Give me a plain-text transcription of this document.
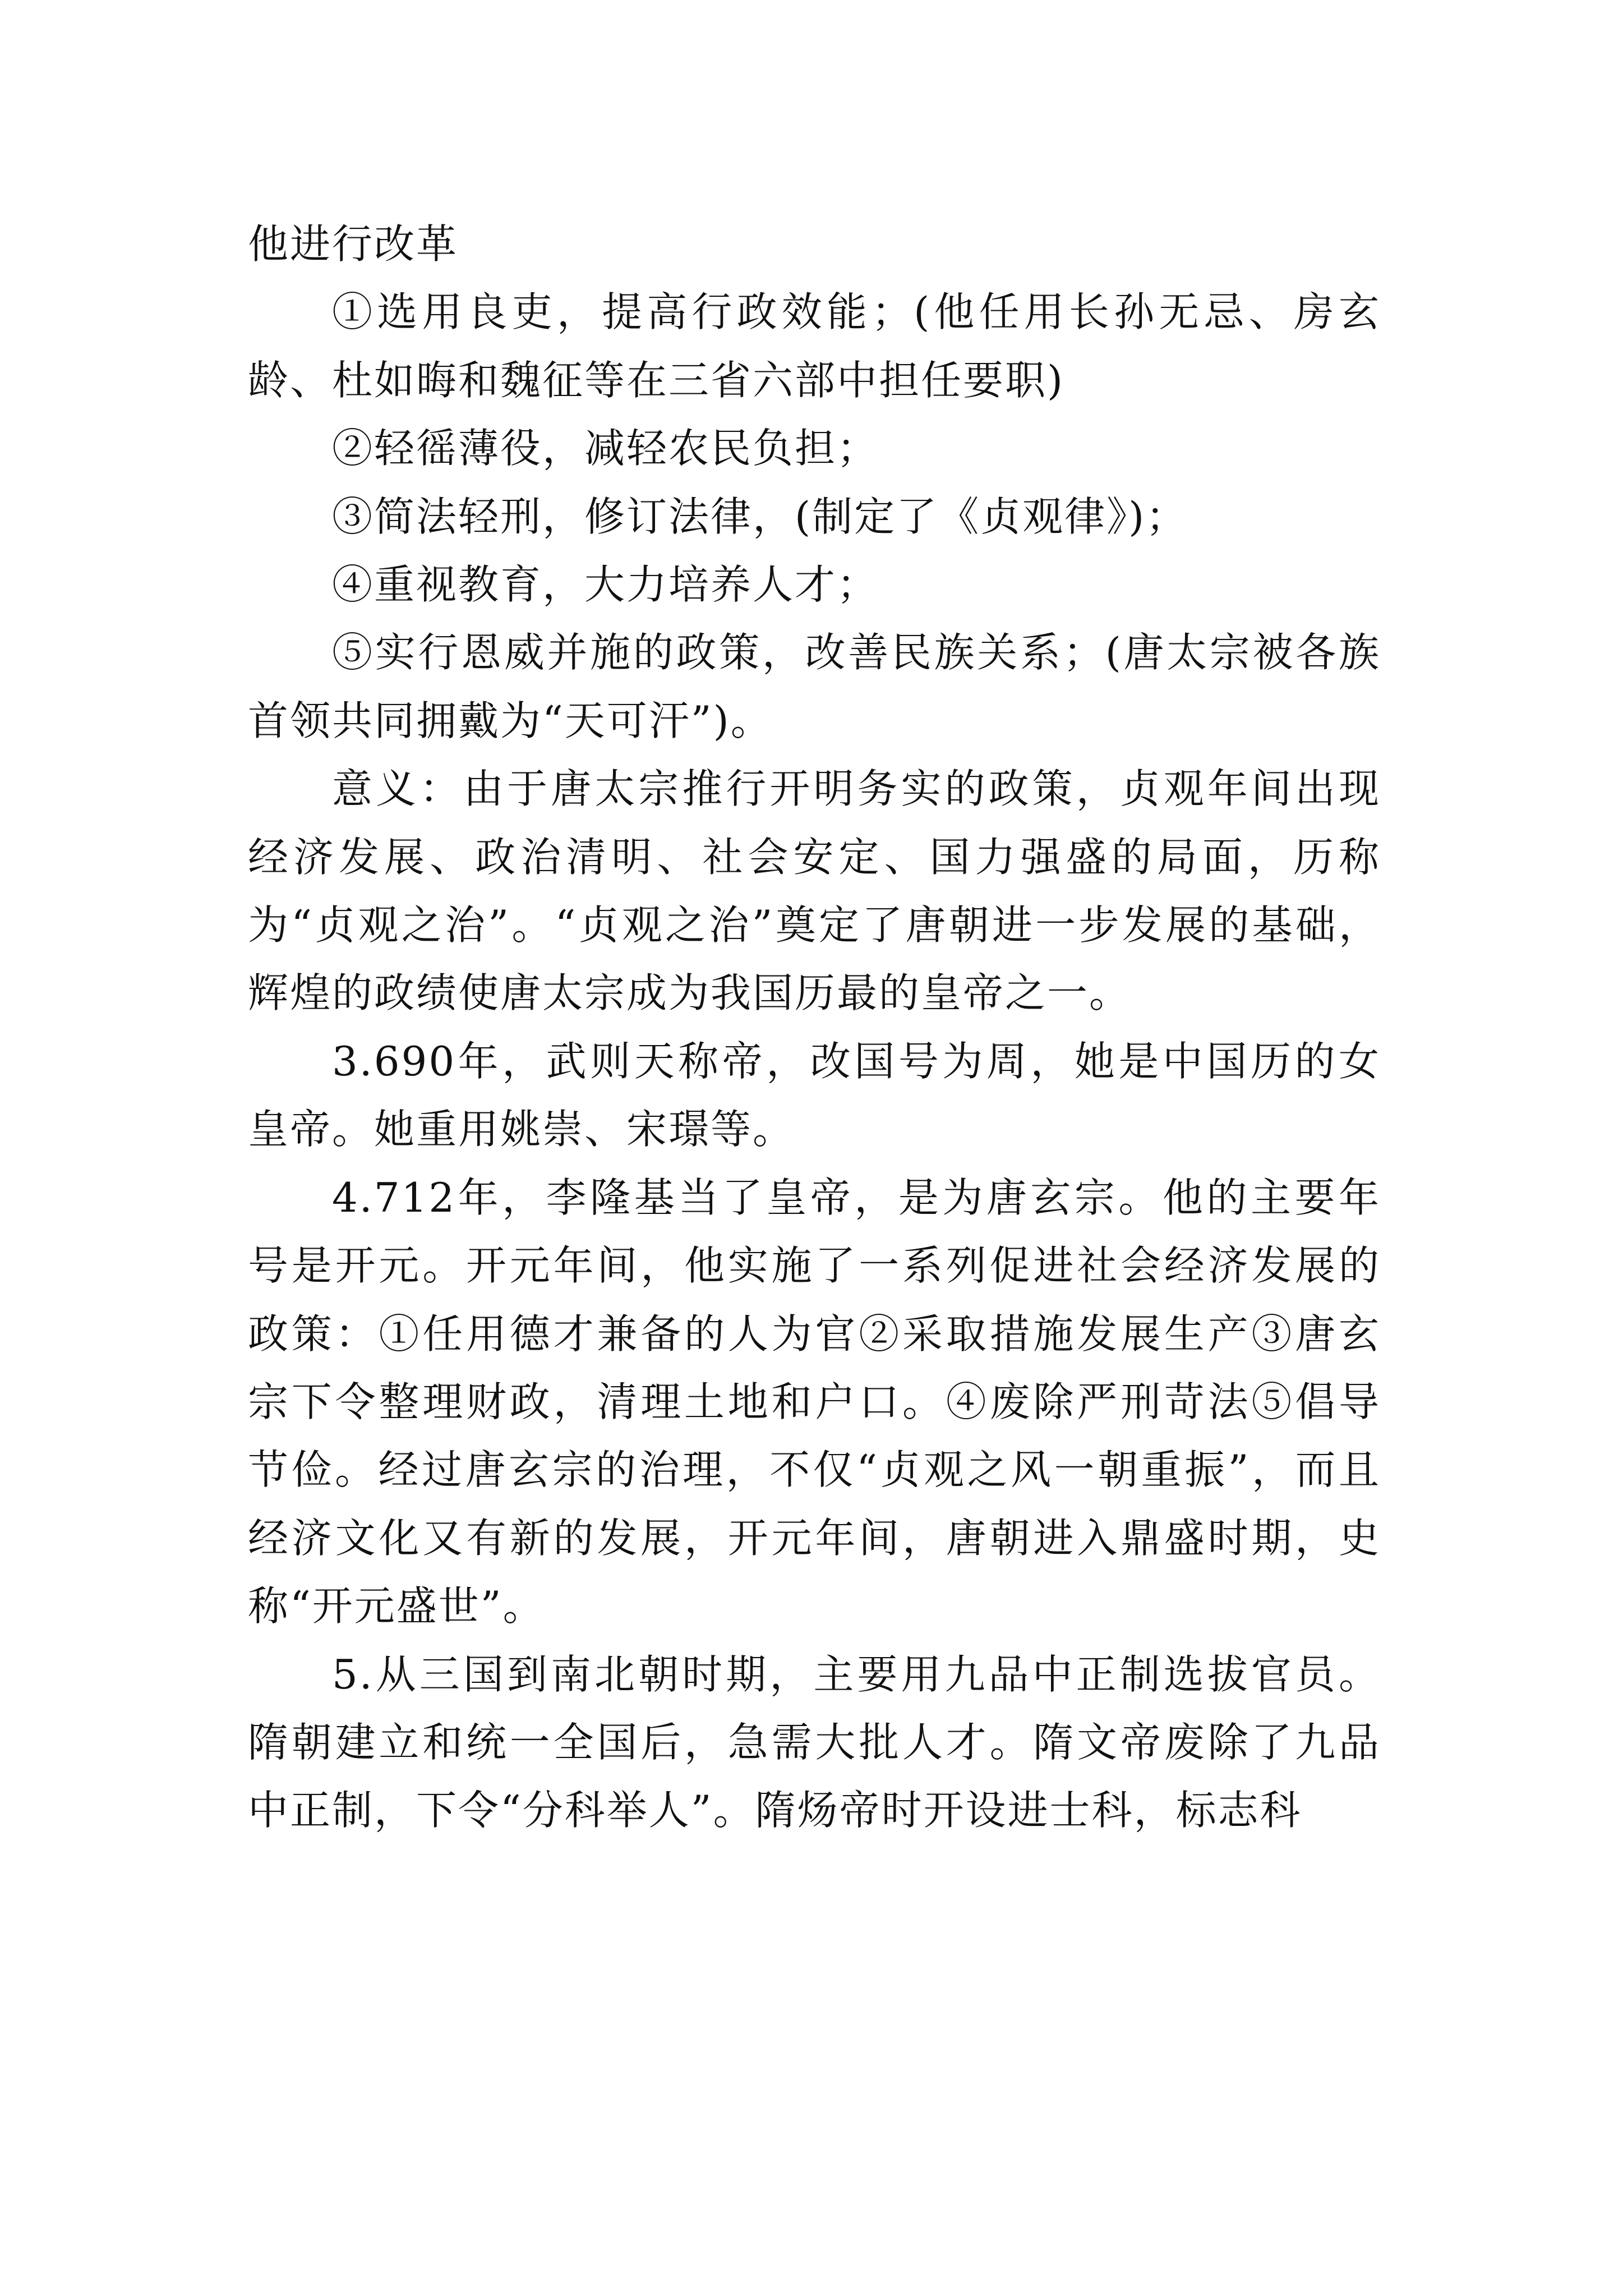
他进行改革

①选用良吏，提高行政效能；(他任用长孙无忌、房玄龄、杜如晦和魏征等在三省六部中担任要职)

②轻徭薄役，减轻农民负担；

③简法轻刑，修订法律，(制定了《贞观律》)；

④重视教育，大力培养人才；

⑤实行恩威并施的政策，改善民族关系；(唐太宗被各族首领共同拥戴为“天可汗”)。

意义：由于唐太宗推行开明务实的政策，贞观年间出现经济发展、政治清明、社会安定、国力强盛的局面，历称为“贞观之治”。“贞观之治”奠定了唐朝进一步发展的基础，辉煌的政绩使唐太宗成为我国历最的皇帝之一。

3.690年，武则天称帝，改国号为周，她是中国历的女皇帝。她重用姚崇、宋璟等。

4.712年，李隆基当了皇帝，是为唐玄宗。他的主要年号是开元。开元年间，他实施了一系列促进社会经济发展的政策：①任用德才兼备的人为官②采取措施发展生产③唐玄宗下令整理财政，清理土地和户口。④废除严刑苛法⑤倡导节俭。经过唐玄宗的治理，不仅“贞观之风一朝重振”，而且经济文化又有新的发展，开元年间，唐朝进入鼎盛时期，史称“开元盛世”。

5.从三国到南北朝时期，主要用九品中正制选拔官员。隋朝建立和统一全国后，急需大批人才。隋文帝废除了九品中正制，下令“分科举人”。隋炀帝时开设进士科，标志科
